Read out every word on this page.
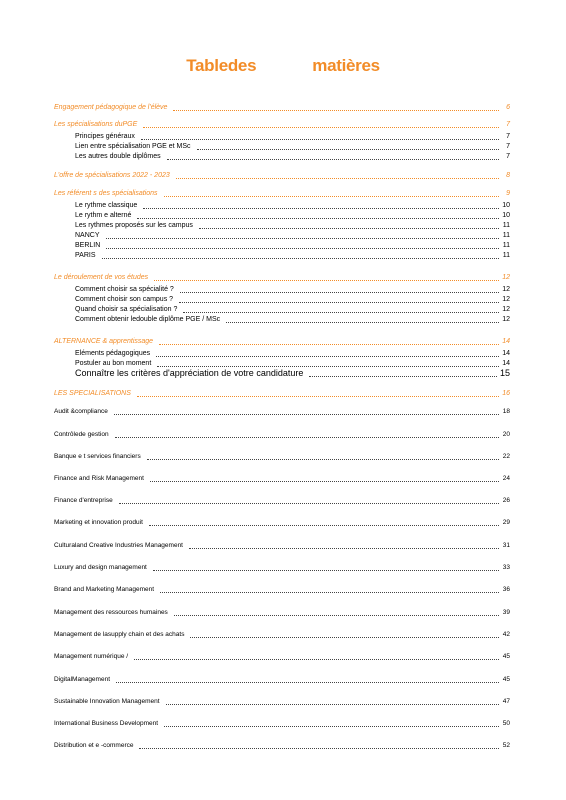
Tabledes	matières
Engagement pédagogique de l'élève	6
Les spécialisations duPGE	7
Principes généraux	7
Lien entre spécialisation PGE et MSc	7
Les autres double diplômes	7
L'offre de spécialisations 2022 - 2023	8
Les référent s des spécialisations	9
Le rythme classique	10
Le rythm e alterné	10
Les rythmes proposés sur les campus	11
NANCY	11
BERLIN	11
PARIS	11
Le déroulement de vos études	12
Comment choisir sa spécialité ?	12
Comment choisir son campus ?	12
Quand choisir sa spécialisation ?	12
Comment obtenir ledouble diplôme PGE / MSc	12
ALTERNANCE & apprentissage	14
Eléments pédagogiques	14
Postuler au bon moment	14
Connaître les critères d'appréciation de votre candidature	15
LES SPECIALISATIONS	16
Audit &compliance	18
Contrôlede gestion	20
Banque e t services financiers	22
Finance and Risk Management	24
Finance d'entreprise	26
Marketing et innovation produit	29
Culturaland Creative Industries Management	31
Luxury and design management	33
Brand and Marketing Management	36
Management des ressources humaines	39
Management de lasupply chain et des achats	42
Management numérique /	45
DigitalManagement	45
Sustainable Innovation Management	47
International Business Development	50
Distribution et e -commerce	52
